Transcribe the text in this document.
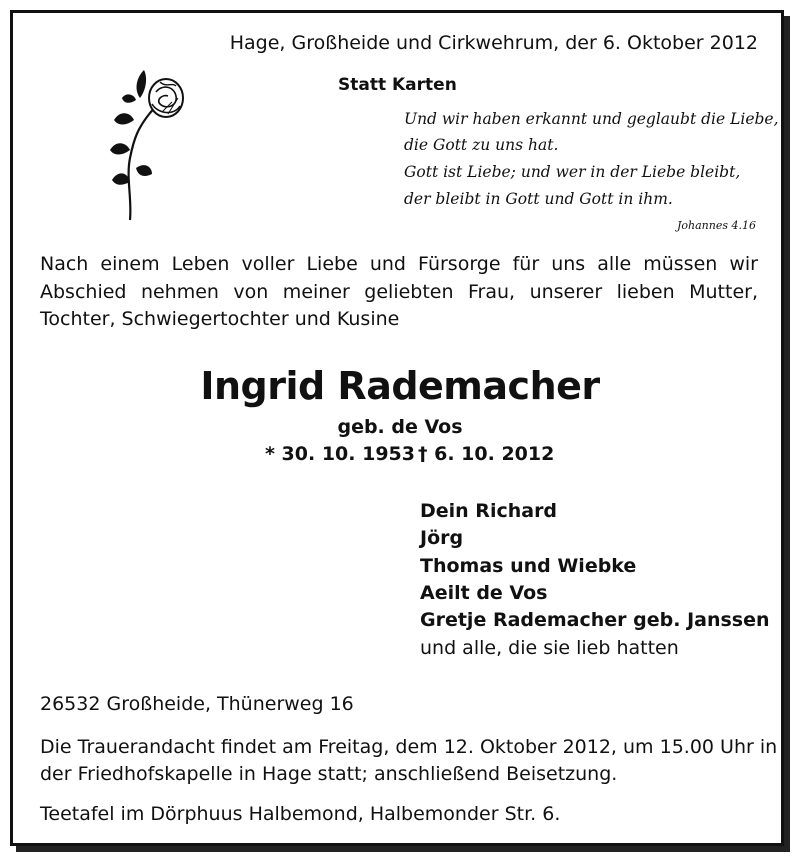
Hage, Großheide und Cirkwehrum, der 6. Oktober 2012
Statt Karten
Und wir haben erkannt und geglaubt die Liebe,
die Gott zu uns hat.
Gott ist Liebe; und wer in der Liebe bleibt,
der bleibt in Gott und Gott in ihm.
Johannes 4.16
Nach einem Leben voller Liebe und Fürsorge für uns alle müssen wir
Abschied nehmen von meiner geliebten Frau, unserer lieben Mutter,
Tochter, Schwiegertochter und Kusine
Ingrid Rademacher
geb. de Vos
* 30. 10. 1953 † 6. 10. 2012
Dein Richard
Jörg
Thomas und Wiebke
Aeilt de Vos
Gretje Rademacher geb. Janssen
und alle, die sie lieb hatten
26532 Großheide, Thünerweg 16
Die Trauerandacht findet am Freitag, dem 12. Oktober 2012, um 15.00 Uhr in
der Friedhofskapelle in Hage statt; anschließend Beisetzung.
Teetafel im Dörphuus Halbemond, Halbemonder Str. 6.
